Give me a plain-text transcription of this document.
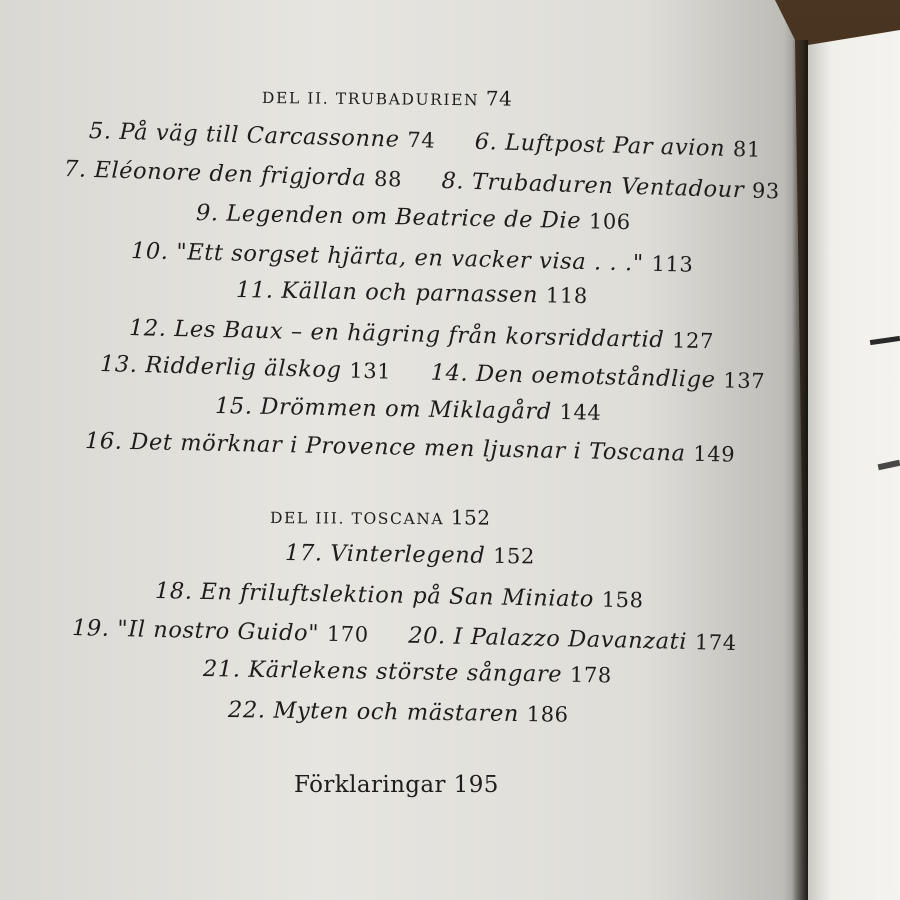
DEL II. TRUBADURIEN 74
5. På väg till Carcassonne 74 6. Luftpost Par avion 81
7. Eléonore den frigjorda 88 8. Trubaduren Ventadour 93
9. Legenden om Beatrice de Die 106
10. "Ett sorgset hjärta, en vacker visa . . ." 113
11. Källan och parnassen 118
12. Les Baux – en hägring från korsriddartid 127
13. Ridderlig älskog 131 14. Den oemotståndlige 137
15. Drömmen om Miklagård 144
16. Det mörknar i Provence men ljusnar i Toscana 149
DEL III. TOSCANA 152
17. Vinterlegend 152
18. En friluftslektion på San Miniato 158
19. "Il nostro Guido" 170 20. I Palazzo Davanzati 174
21. Kärlekens störste sångare 178
22. Myten och mästaren 186
Förklaringar 195
